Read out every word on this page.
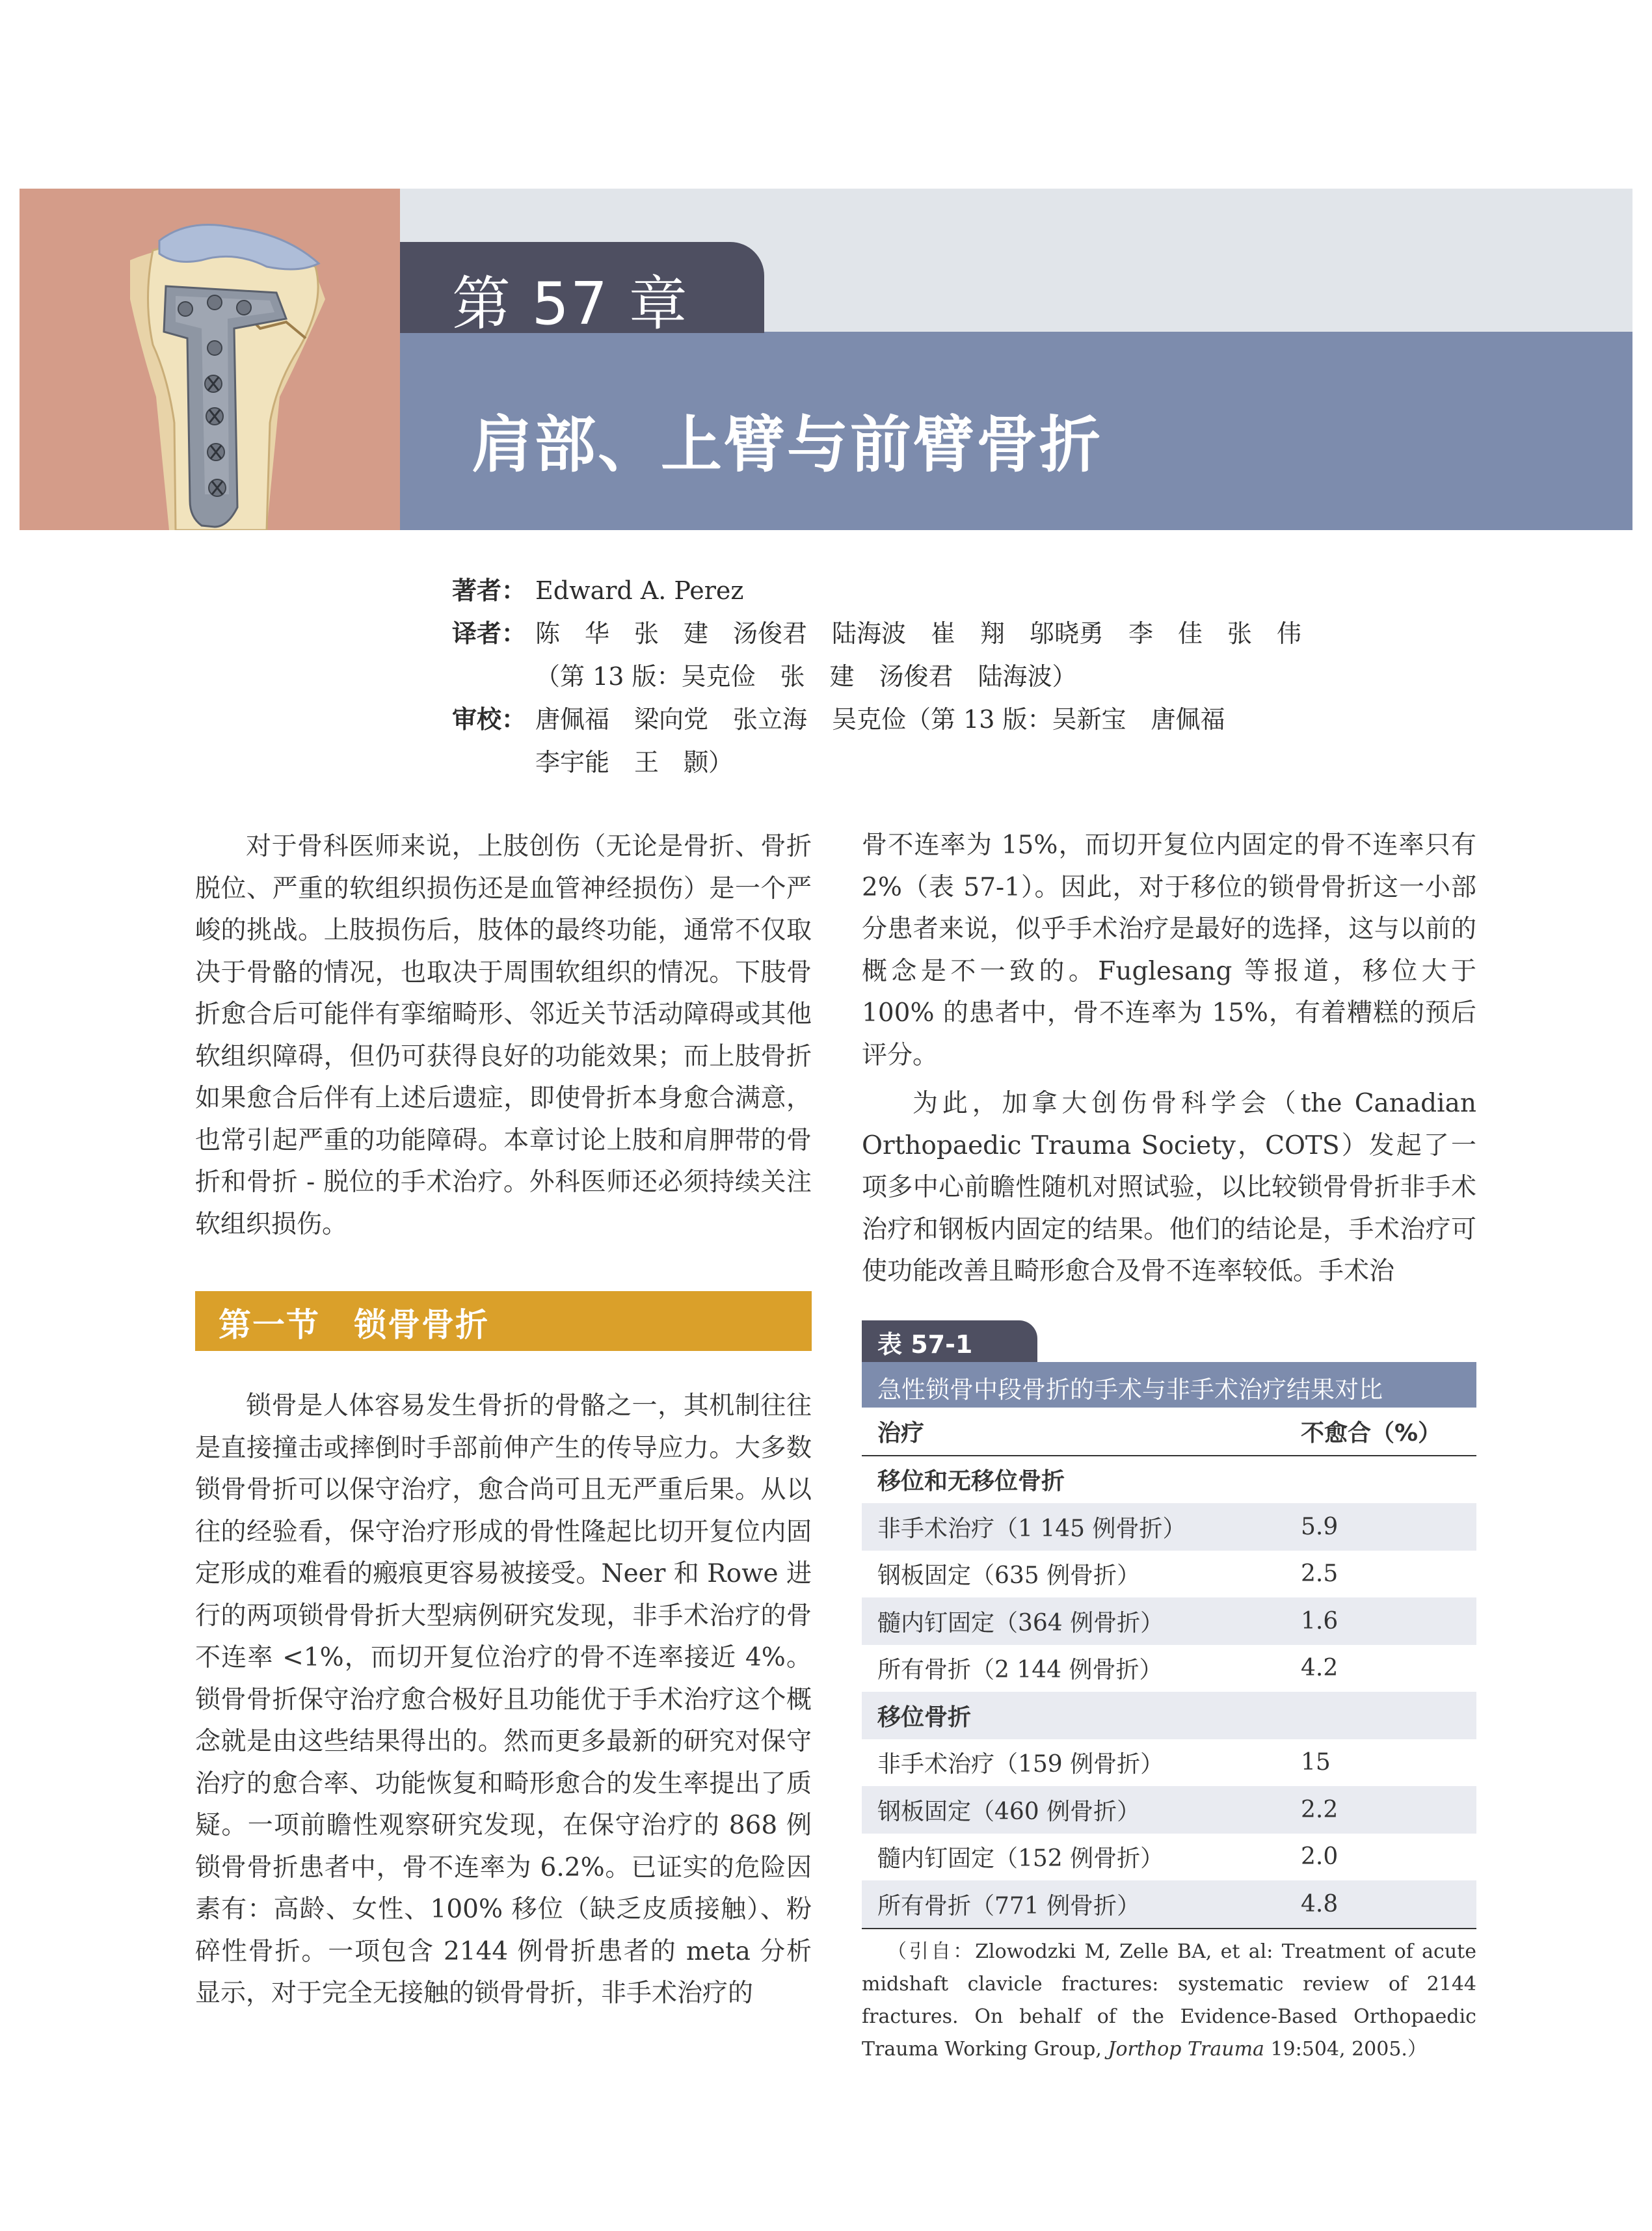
第 57 章
肩部、上臂与前臂骨折
著者： Edward A. Perez
译者： 陈　华　张　建　汤俊君　陆海波　崔　翔　邬晓勇　李　佳　张　伟
（第 13 版：吴克俭　张　建　汤俊君　陆海波）
审校： 唐佩福　梁向党　张立海　吴克俭（第 13 版：吴新宝　唐佩福
李宇能　王　颢）

对于骨科医师来说，上肢创伤（无论是骨折、骨折脱位、严重的软组织损伤还是血管神经损伤）是一个严峻的挑战。上肢损伤后，肢体的最终功能，通常不仅取决于骨骼的情况，也取决于周围软组织的情况。下肢骨折愈合后可能伴有挛缩畸形、邻近关节活动障碍或其他软组织障碍，但仍可获得良好的功能效果；而上肢骨折如果愈合后伴有上述后遗症，即使骨折本身愈合满意，也常引起严重的功能障碍。本章讨论上肢和肩胛带的骨折和骨折 - 脱位的手术治疗。外科医师还必须持续关注软组织损伤。

第一节　锁骨骨折

锁骨是人体容易发生骨折的骨骼之一，其机制往往是直接撞击或摔倒时手部前伸产生的传导应力。大多数锁骨骨折可以保守治疗，愈合尚可且无严重后果。从以往的经验看，保守治疗形成的骨性隆起比切开复位内固定形成的难看的瘢痕更容易被接受。Neer 和 Rowe 进行的两项锁骨骨折大型病例研究发现，非手术治疗的骨不连率 <1%，而切开复位治疗的骨不连率接近 4%。锁骨骨折保守治疗愈合极好且功能优于手术治疗这个概念就是由这些结果得出的。然而更多最新的研究对保守治疗的愈合率、功能恢复和畸形愈合的发生率提出了质疑。一项前瞻性观察研究发现，在保守治疗的 868 例锁骨骨折患者中，骨不连率为 6.2%。已证实的危险因素有：高龄、女性、100% 移位（缺乏皮质接触）、粉碎性骨折。一项包含 2144 例骨折患者的 meta 分析显示，对于完全无接触的锁骨骨折，非手术治疗的

骨不连率为 15%，而切开复位内固定的骨不连率只有 2%（表 57-1）。因此，对于移位的锁骨骨折这一小部分患者来说，似乎手术治疗是最好的选择，这与以前的概念是不一致的。Fuglesang 等报道，移位大于 100% 的患者中，骨不连率为 15%，有着糟糕的预后评分。

为此，加拿大创伤骨科学会（the Canadian Orthopaedic Trauma Society，COTS）发起了一项多中心前瞻性随机对照试验，以比较锁骨骨折非手术治疗和钢板内固定的结果。他们的结论是，手术治疗可使功能改善且畸形愈合及骨不连率较低。手术治

表 57-1
急性锁骨中段骨折的手术与非手术治疗结果对比
治疗	不愈合（%）
移位和无移位骨折	
非手术治疗（1 145 例骨折）	5.9
钢板固定（635 例骨折）	2.5
髓内钉固定（364 例骨折）	1.6
所有骨折（2 144 例骨折）	4.2
移位骨折	
非手术治疗（159 例骨折）	15
钢板固定（460 例骨折）	2.2
髓内钉固定（152 例骨折）	2.0
所有骨折（771 例骨折）	4.8

（引自：Zlowodzki M, Zelle BA, et al: Treatment of acute midshaft clavicle fractures: systematic review of 2144 fractures. On behalf of the Evidence-Based Orthopaedic Trauma Working Group, Jorthop Trauma 19:504, 2005.）
